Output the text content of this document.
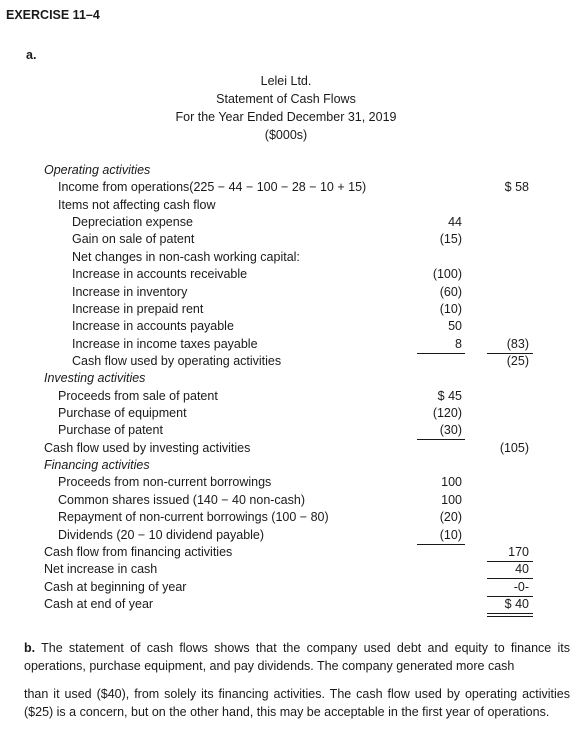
EXERCISE 11–4
a.
Lelei Ltd.
Statement of Cash Flows
For the Year Ended December 31, 2019
($000s)
Operating activities
Income from operations(225 − 44 − 100 − 28 − 10 + 15)	$ 58
Items not affecting cash flow
Depreciation expense	44
Gain on sale of patent	(15)
Net changes in non-cash working capital:
Increase in accounts receivable	(100)
Increase in inventory	(60)
Increase in prepaid rent	(10)
Increase in accounts payable	50
Increase in income taxes payable	8	(83)
Cash flow used by operating activities	(25)
Investing activities
Proceeds from sale of patent	$ 45
Purchase of equipment	(120)
Purchase of patent	(30)
Cash flow used by investing activities	(105)
Financing activities
Proceeds from non-current borrowings	100
Common shares issued (140 − 40 non-cash)	100
Repayment of non-current borrowings (100 − 80)	(20)
Dividends (20 − 10 dividend payable)	(10)
Cash flow from financing activities	170
Net increase in cash	40
Cash at beginning of year	-0-
Cash at end of year	$ 40
b. The statement of cash flows shows that the company used debt and equity to finance its operations, purchase equipment, and pay dividends. The company generated more cash
than it used ($40), from solely its financing activities. The cash flow used by operating activities ($25) is a concern, but on the other hand, this may be acceptable in the first year of operations.
